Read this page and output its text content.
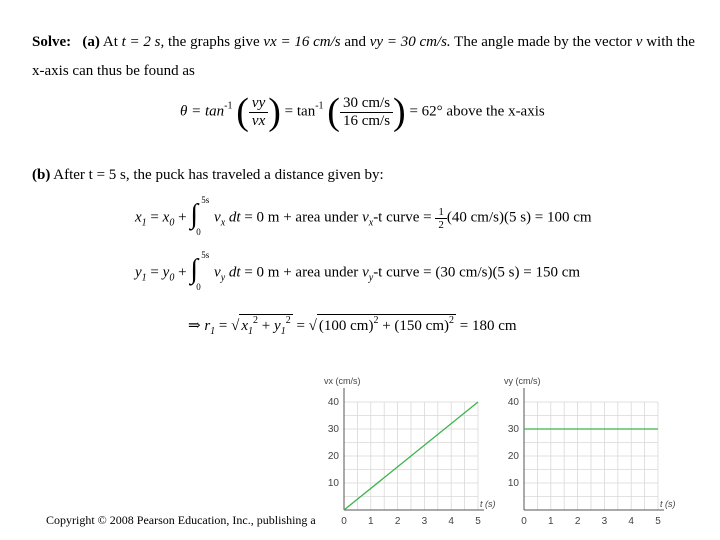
Solve: (a) At t = 2 s, the graphs give vx = 16 cm/s and vy = 30 cm/s. The angle made by the vector v with the
x-axis can thus be found as
$\theta = \tan^{-1}$ ( $\frac{vy}{vx}$ ) = $\tan^{-1}$ ( $\frac{30 cm/s}{16 cm/s}$ ) = 62° above the x-axis
(b) After t = 5 s, the puck has traveled a distance given by:
$x_1 = x_0$ + ∫ 5s
0
$v_x$ dt = 0 m + area under $v_x-t$ curve = $\frac{1}{2} (40$ cm/s)(5 s) = 100 cm
$y_1 = y_0$ + ∫ 5s
0
$v_y$ dt = 0 m + area under $v_y-t$ curve = (30 cm/s)(5 s) = 150 cm
⇒ $r_1$ = √ $x_1^2 + y_1^2$ = √ (100 cm)$^2$ + (150 cm)$^2$ = 180 cm
0 1 2 3 4 5
10
20
30
40
vx (cm/s)
t (s)
0 1 2 3 4 5
10
20
30
40
vy (cm/s)
t (s)
Copyright © 2008 Pearson Education, Inc., publishing a
